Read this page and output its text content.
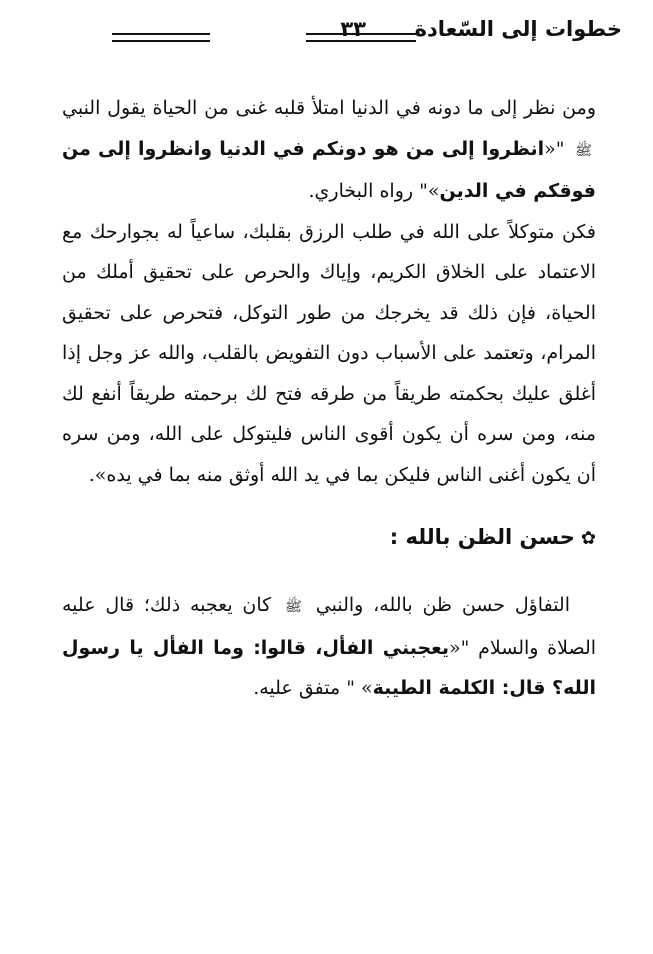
خطوات إلى السّعادة
٣٣

ومن نظر إلى ما دونه في الدنيا امتلأ قلبه غنى من الحياة يقول النبي ﷺ "«انظروا إلى من هو دونكم في الدنيا وانظروا إلى من فوقكم في الدين»" رواه البخاري.

فكن متوكلاً على الله في طلب الرزق بقلبك، ساعياً له بجوارحك مع الاعتماد على الخلاق الكريم، وإياك والحرص على تحقيق أملك من الحياة، فإن ذلك قد يخرجك من طور التوكل، فتحرص على تحقيق المرام، وتعتمد على الأسباب دون التفويض بالقلب، والله عز وجل إذا أغلق عليك بحكمته طريقاً من طرقه فتح لك برحمته طريقاً أنفع لك منه، ومن سره أن يكون أقوى الناس فليتوكل على الله، ومن سره أن يكون أغنى الناس فليكن بما في يد الله أوثق منه بما في يده».

✿حسن الظن بالله :

التفاؤل حسن ظن بالله، والنبي ﷺ كان يعجبه ذلك؛ قال عليه الصلاة والسلام "«يعجبني الفأل، قالوا: وما الفأل يا رسول الله؟ قال: الكلمة الطيبة» " متفق عليه.
